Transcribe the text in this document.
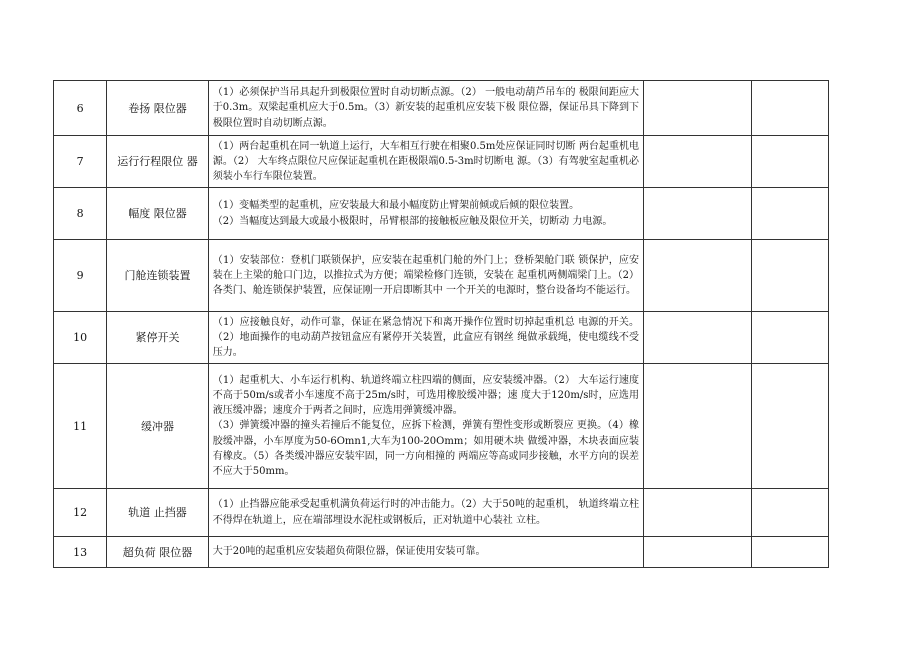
6	卷扬 限位器	（1）必须保护当吊具起升到极限位置时自动切断点源。（2） 一般电动葫芦吊车的 极限间距应大于0.3m。双梁起重机应大于0.5m。（3）新安装的起重机应安装下极 限位器，保证吊具下降到下极限位置时自动切断点源。		

7	运行行程限位 器	（1）两台起重机在同一轨道上运行，大车相互行驶在相聚0.5m处应保证同时切断 两台起重机电源。（2） 大车终点限位尺应保证起重机在距极限端0.5-3m时切断电 源。（3）有驾驶室起重机必须装小车行车限位装置。		

8	幅度 限位器	（1）变幅类型的起重机，应安装最大和最小幅度防止臂架前倾或后倾的限位装置。

（2）当幅度达到最大或最小极限时，吊臂根部的接触板应触及限位开关，切断动 力电源。		

9	门舱连锁装置	（1）安装部位：登机门联锁保护，应安装在起重机门舱的外门上；登桥架舱门联 锁保护，应安装在上主梁的舱口门边，以推拉式为方便；端梁检修门连锁，安装在 起重机两侧端梁门上。（2）各类门、舱连锁保护装置，应保证刚一开启即断其中 一个开关的电源时，整台设备均不能运行。		

10	紧停开关	（1）应接触良好，动作可靠，保证在紧急情况下和离开操作位置时切掉起重机总 电源的开关。（2）地面操作的电动葫芦按钮盒应有紧停开关装置，此盒应有钢丝 绳做承载绳，使电缆线不受压力。		

11	缓冲器	（1）起重机大、小车运行机构、轨道终端立柱四端的侧面，应安装缓冲器。（2） 大车运行速度不高于50m/s或者小车速度不高于25m/s时，可选用橡胶缓冲器；速 度大于120m/s时，应选用液压缓冲器；速度介于两者之间时，应选用弹簧缓冲器。

（3）弹簧缓冲器的撞头若撞后不能复位，应拆下检测，弹簧有塑性变形或断裂应 更换。（4）橡胶缓冲器，小车厚度为50-6Omn1,大车为100-20Omm；如用硬木块 做缓冲器，木块表面应装有橡皮。（5）各类缓冲器应安装牢固，同一方向相撞的 两端应等高或同步接触，水平方向的误差不应大于50mm。		

12	轨道 止挡器	（1）止挡器应能承受起重机满负荷运行时的冲击能力。（2）大于50吨的起重机， 轨道终端立柱不得焊在轨道上，应在端部埋设水泥柱或钢板后，正对轨道中心装社 立柱。		

13	超负荷 限位器	大于20吨的起重机应安装超负荷限位器，保证使用安装可靠。		
